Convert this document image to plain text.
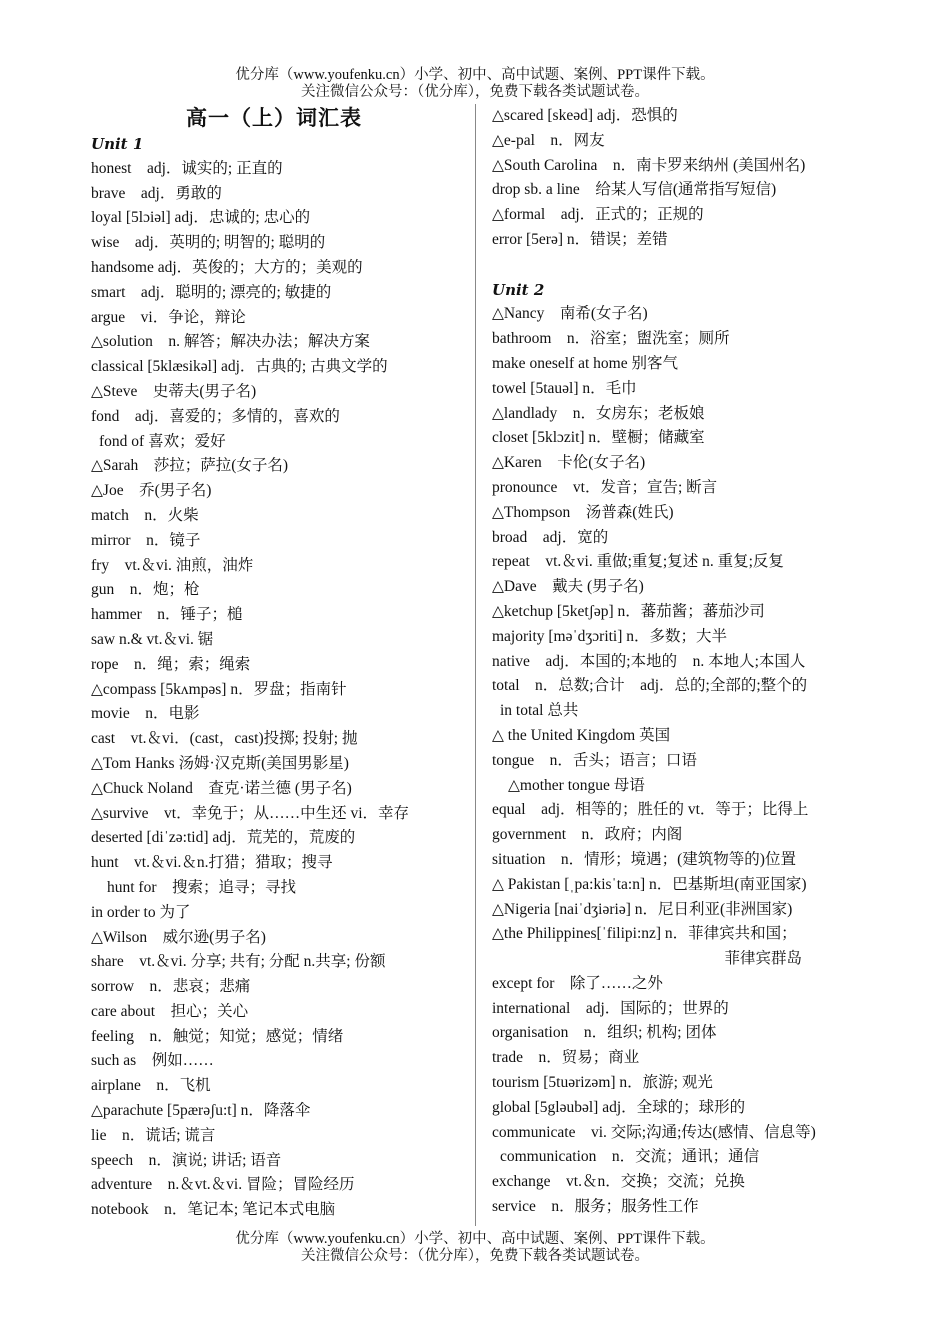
优分库（www.youfenku.cn）小学、初中、高中试题、案例、PPT课件下载。
关注微信公众号：（优分库），免费下载各类试题试卷。
高一（上）词汇表
Unit 1
honest　adj．诚实的; 正直的
brave　adj．勇敢的
loyal [5lɔiəl] adj．忠诚的; 忠心的
wise　adj．英明的; 明智的; 聪明的
handsome adj．英俊的；大方的；美观的
smart　adj．聪明的; 漂亮的; 敏捷的
argue　vi．争论，辩论
△solution　n. 解答；解决办法；解决方案
classical [5klæsikəl] adj．古典的; 古典文学的
△Steve　史蒂夫(男子名)
fond　adj．喜爱的；多情的，喜欢的
fond of 喜欢；爱好
△Sarah　莎拉；萨拉(女子名)
△Joe　乔(男子名)
match　n．火柴
mirror　n．镜子
fry　vt.＆vi. 油煎，油炸
gun　n．炮；枪
hammer　n．锤子；槌
saw n.& vt.＆vi. 锯
rope　n．绳；索；绳索
△compass [5kʌmpəs] n．罗盘；指南针
movie　n．电影
cast　vt.＆vi．(cast，cast)投掷; 投射; 抛
△Tom Hanks 汤姆·汉克斯(美国男影星)
△Chuck Noland　查克·诺兰德 (男子名)
△survive　vt．幸免于；从……中生还 vi．幸存
deserted [diˈzə:tid] adj．荒芜的，荒废的
hunt　vt.＆vi.＆n.打猎；猎取；搜寻
hunt for　搜索；追寻；寻找
in order to 为了
△Wilson　威尔逊(男子名)
share　vt.＆vi. 分享; 共有; 分配 n.共享; 份额
sorrow　n．悲哀；悲痛
care about　担心；关心
feeling　n．触觉；知觉；感觉；情绪
such as　例如……
airplane　n．飞机
△parachute [5pærəʃu:t] n．降落伞
lie　n．谎话; 谎言
speech　n．演说; 讲话; 语音
adventure　n.＆vt.＆vi. 冒险；冒险经历
notebook　n．笔记本; 笔记本式电脑
△scared [skeəd] adj．恐惧的
△e-pal　n．网友
△South Carolina　n．南卡罗来纳州 (美国州名)
drop sb. a line　给某人写信(通常指写短信)
△formal　adj．正式的；正规的
error [5erə] n．错误；差错
Unit 2
△Nancy　南希(女子名)
bathroom　n．浴室；盥洗室；厕所
make oneself at home 别客气
towel [5tauəl] n．毛巾
△landlady　n．女房东；老板娘
closet [5klɔzit] n．壁橱；储藏室
△Karen　卡伦(女子名)
pronounce　vt．发音；宣告; 断言
△Thompson　汤普森(姓氏)
broad　adj．宽的
repeat　vt.＆vi. 重做;重复;复述 n. 重复;反复
△Dave　戴夫 (男子名)
△ketchup [5ketʃəp] n．蕃茄酱；蕃茄沙司
majority [məˈdʒɔriti] n．多数；大半
native　adj．本国的;本地的　n. 本地人;本国人
total　n．总数;合计　adj．总的;全部的;整个的
in total 总共
△ the United Kingdom 英国
tongue　n．舌头；语言；口语
△mother tongue 母语
equal　adj．相等的；胜任的 vt．等于；比得上
government　n．政府；内阁
situation　n．情形；境遇；(建筑物等的)位置
△ Pakistan [ˌpa:kisˈta:n] n．巴基斯坦(南亚国家)
△Nigeria [naiˈdʒiəriə] n．尼日利亚(非洲国家)
△the Philippines[ˈfilipi:nz] n．菲律宾共和国；
菲律宾群岛
except for　除了……之外
international　adj．国际的；世界的
organisation　n．组织; 机构; 团体
trade　n．贸易；商业
tourism [5tuərizəm] n．旅游; 观光
global [5gləubəl] adj．全球的；球形的
communicate　vi. 交际;沟通;传达(感情、信息等)
communication　n．交流；通讯；通信
exchange　vt.＆n．交换；交流；兑换
service　n．服务；服务性工作
优分库（www.youfenku.cn）小学、初中、高中试题、案例、PPT课件下载。
关注微信公众号：（优分库），免费下载各类试题试卷。
